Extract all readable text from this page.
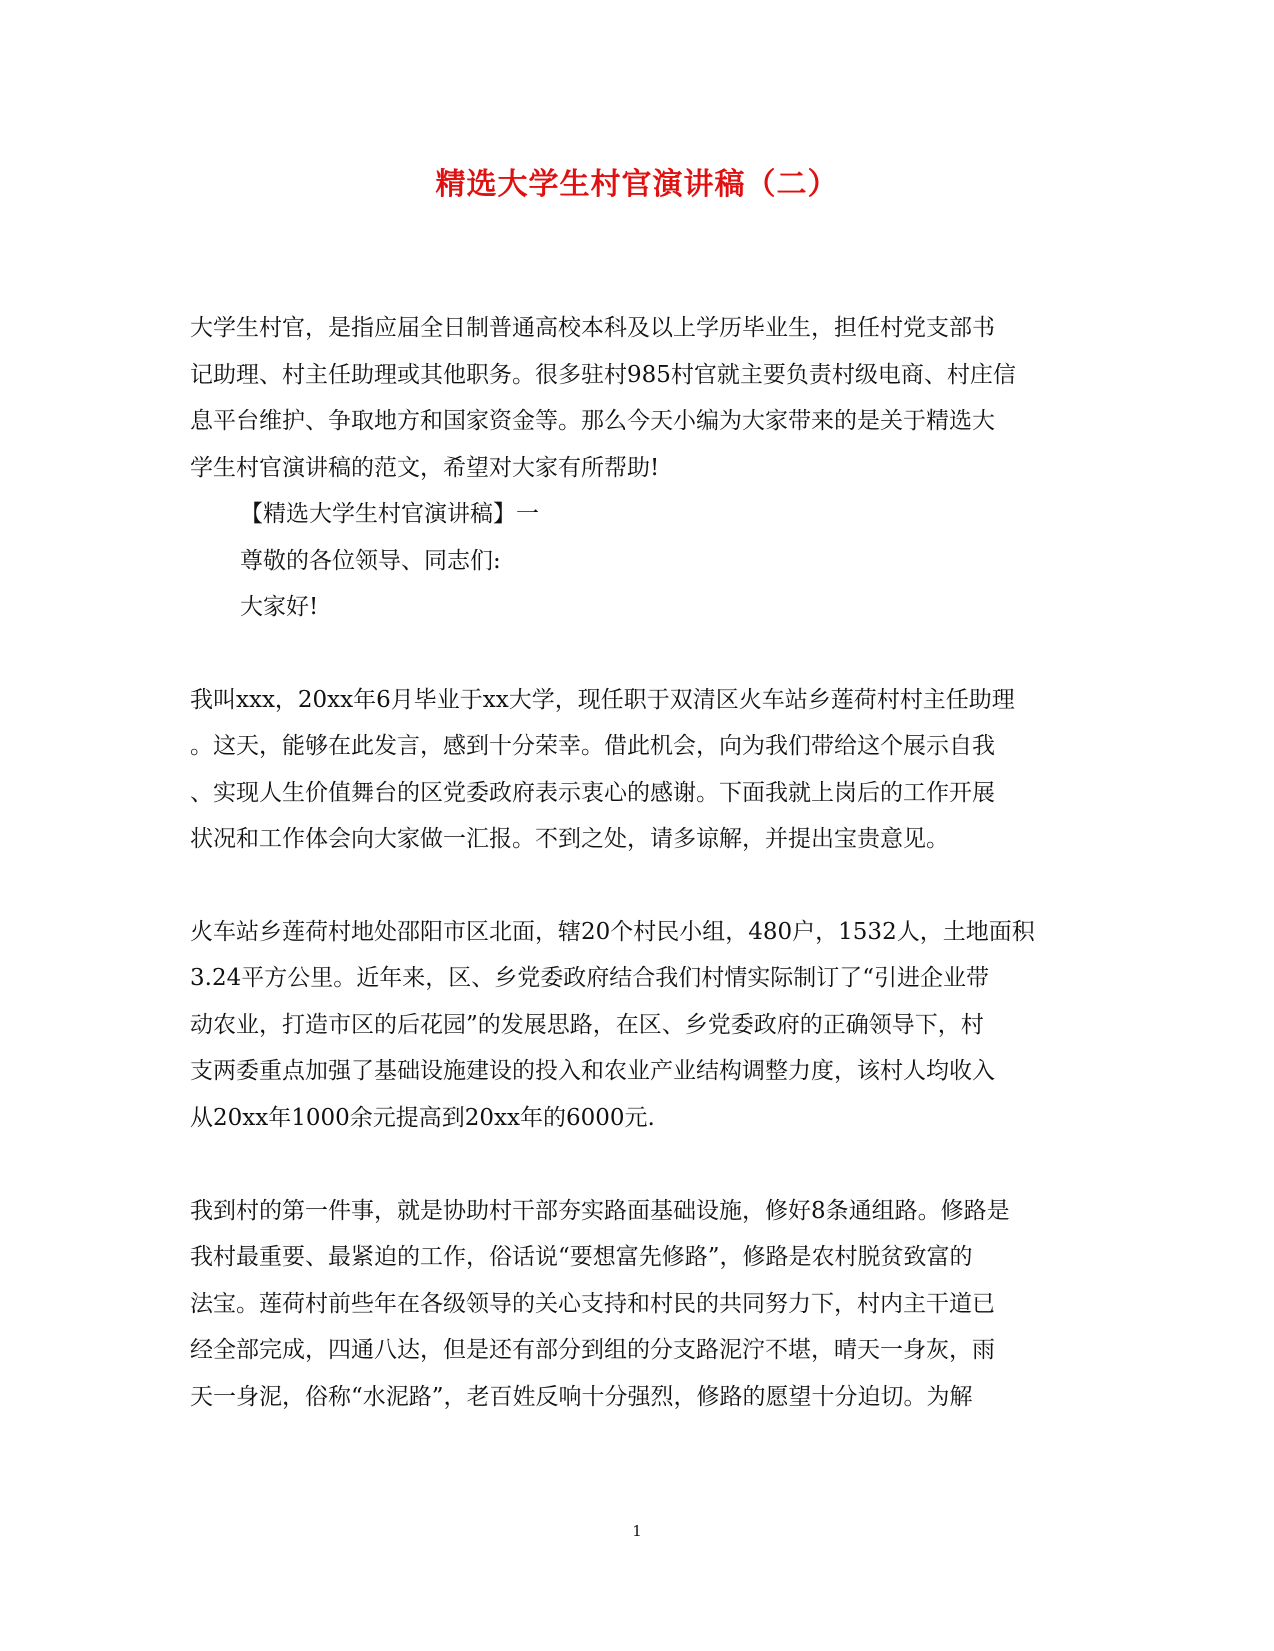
精选大学生村官演讲稿（二）
大学生村官，是指应届全日制普通高校本科及以上学历毕业生，担任村党支部书
记助理、村主任助理或其他职务。很多驻村985村官就主要负责村级电商、村庄信
息平台维护、争取地方和国家资金等。那么今天小编为大家带来的是关于精选大
学生村官演讲稿的范文，希望对大家有所帮助!
【精选大学生村官演讲稿】一
尊敬的各位领导、同志们:
大家好!
我叫xxx，20xx年6月毕业于xx大学，现任职于双清区火车站乡莲荷村村主任助理
。这天，能够在此发言，感到十分荣幸。借此机会，向为我们带给这个展示自我
、实现人生价值舞台的区党委政府表示衷心的感谢。下面我就上岗后的工作开展
状况和工作体会向大家做一汇报。不到之处，请多谅解，并提出宝贵意见。
火车站乡莲荷村地处邵阳市区北面，辖20个村民小组，480户，1532人，土地面积
3.24平方公里。近年来，区、乡党委政府结合我们村情实际制订了“引进企业带
动农业，打造市区的后花园”的发展思路，在区、乡党委政府的正确领导下，村
支两委重点加强了基础设施建设的投入和农业产业结构调整力度，该村人均收入
从20xx年1000余元提高到20xx年的6000元.
我到村的第一件事，就是协助村干部夯实路面基础设施，修好8条通组路。修路是
我村最重要、最紧迫的工作，俗话说“要想富先修路”，修路是农村脱贫致富的
法宝。莲荷村前些年在各级领导的关心支持和村民的共同努力下，村内主干道已
经全部完成，四通八达，但是还有部分到组的分支路泥泞不堪，晴天一身灰，雨
天一身泥，俗称“水泥路”，老百姓反响十分强烈，修路的愿望十分迫切。为解
1
